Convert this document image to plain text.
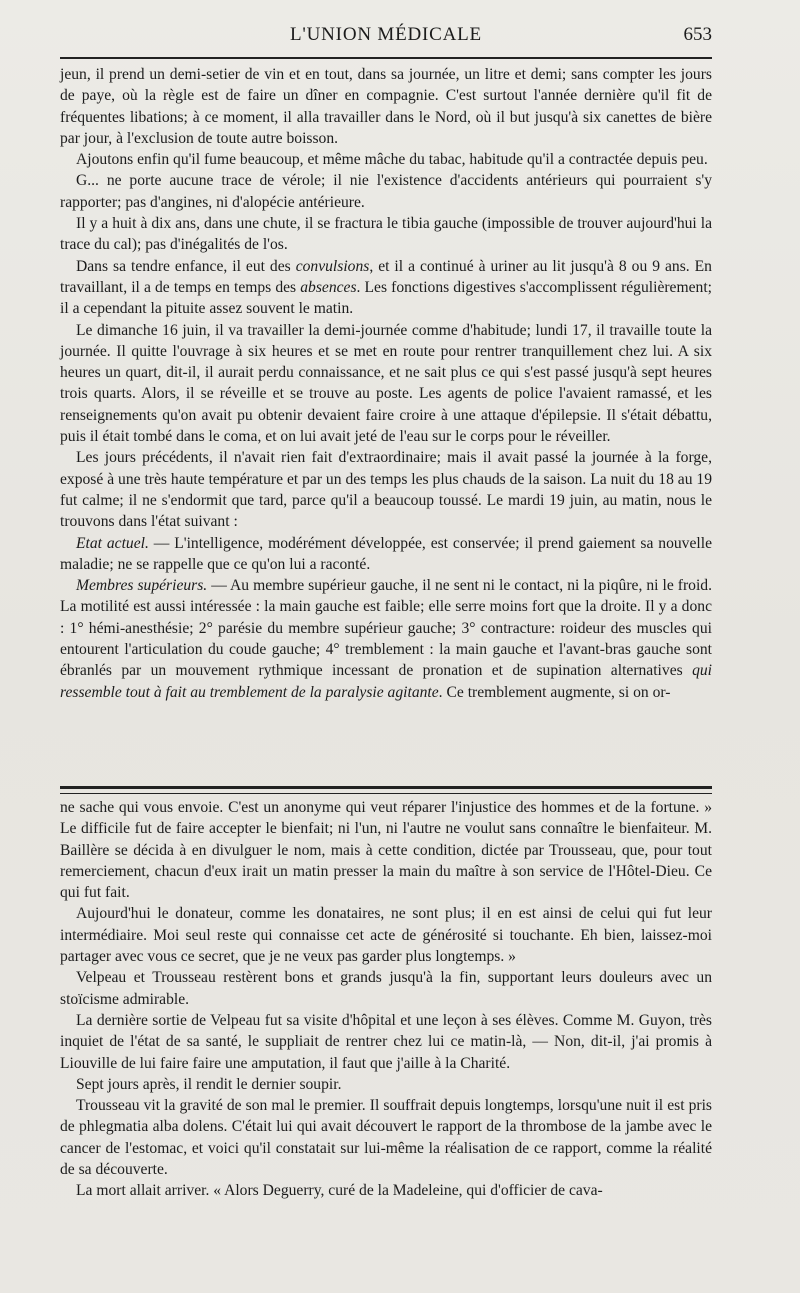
L'UNION MÉDICALE	653

jeun, il prend un demi-setier de vin et en tout, dans sa journée, un litre et demi; sans compter les jours de paye, où la règle est de faire un dîner en compagnie. C'est surtout l'année dernière qu'il fit de fréquentes libations; à ce moment, il alla travailler dans le Nord, où il but jusqu'à six canettes de bière par jour, à l'exclusion de toute autre boisson.

Ajoutons enfin qu'il fume beaucoup, et même mâche du tabac, habitude qu'il a contractée depuis peu.

G... ne porte aucune trace de vérole; il nie l'existence d'accidents antérieurs qui pourraient s'y rapporter; pas d'angines, ni d'alopécie antérieure.

Il y a huit à dix ans, dans une chute, il se fractura le tibia gauche (impossible de trouver aujourd'hui la trace du cal); pas d'inégalités de l'os.

Dans sa tendre enfance, il eut des convulsions, et il a continué à uriner au lit jusqu'à 8 ou 9 ans. En travaillant, il a de temps en temps des absences. Les fonctions digestives s'accomplissent régulièrement; il a cependant la pituite assez souvent le matin.

Le dimanche 16 juin, il va travailler la demi-journée comme d'habitude; lundi 17, il travaille toute la journée. Il quitte l'ouvrage à six heures et se met en route pour rentrer tranquillement chez lui. A six heures un quart, dit-il, il aurait perdu connaissance, et ne sait plus ce qui s'est passé jusqu'à sept heures trois quarts. Alors, il se réveille et se trouve au poste. Les agents de police l'avaient ramassé, et les renseignements qu'on avait pu obtenir devaient faire croire à une attaque d'épilepsie. Il s'était débattu, puis il était tombé dans le coma, et on lui avait jeté de l'eau sur le corps pour le réveiller.

Les jours précédents, il n'avait rien fait d'extraordinaire; mais il avait passé la journée à la forge, exposé à une très haute température et par un des temps les plus chauds de la saison. La nuit du 18 au 19 fut calme; il ne s'endormit que tard, parce qu'il a beaucoup toussé. Le mardi 19 juin, au matin, nous le trouvons dans l'état suivant :

Etat actuel. — L'intelligence, modérément développée, est conservée; il prend gaiement sa nouvelle maladie; ne se rappelle que ce qu'on lui a raconté.

Membres supérieurs. — Au membre supérieur gauche, il ne sent ni le contact, ni la piqûre, ni le froid. La motilité est aussi intéressée : la main gauche est faible; elle serre moins fort que la droite. Il y a donc : 1° hémi-anesthésie; 2° parésie du membre supérieur gauche; 3° contracture: roideur des muscles qui entourent l'articulation du coude gauche; 4° tremblement : la main gauche et l'avant-bras gauche sont ébranlés par un mouvement rythmique incessant de pronation et de supination alternatives qui ressemble tout à fait au tremblement de la paralysie agitante. Ce tremblement augmente, si on or-

ne sache qui vous envoie. C'est un anonyme qui veut réparer l'injustice des hommes et de la fortune. » Le difficile fut de faire accepter le bienfait; ni l'un, ni l'autre ne voulut sans connaître le bienfaiteur. M. Baillère se décida à en divulguer le nom, mais à cette condition, dictée par Trousseau, que, pour tout remerciement, chacun d'eux irait un matin presser la main du maître à son service de l'Hôtel-Dieu. Ce qui fut fait.

Aujourd'hui le donateur, comme les donataires, ne sont plus; il en est ainsi de celui qui fut leur intermédiaire. Moi seul reste qui connaisse cet acte de générosité si touchante. Eh bien, laissez-moi partager avec vous ce secret, que je ne veux pas garder plus longtemps. »

Velpeau et Trousseau restèrent bons et grands jusqu'à la fin, supportant leurs douleurs avec un stoïcisme admirable.

La dernière sortie de Velpeau fut sa visite d'hôpital et une leçon à ses élèves. Comme M. Guyon, très inquiet de l'état de sa santé, le suppliait de rentrer chez lui ce matin-là, — Non, dit-il, j'ai promis à Liouville de lui faire faire une amputation, il faut que j'aille à la Charité.

Sept jours après, il rendit le dernier soupir.

Trousseau vit la gravité de son mal le premier. Il souffrait depuis longtemps, lorsqu'une nuit il est pris de phlegmatia alba dolens. C'était lui qui avait découvert le rapport de la thrombose de la jambe avec le cancer de l'estomac, et voici qu'il constatait sur lui-même la réalisation de ce rapport, comme la réalité de sa découverte.

La mort allait arriver. « Alors Deguerry, curé de la Madeleine, qui d'officier de cava-
